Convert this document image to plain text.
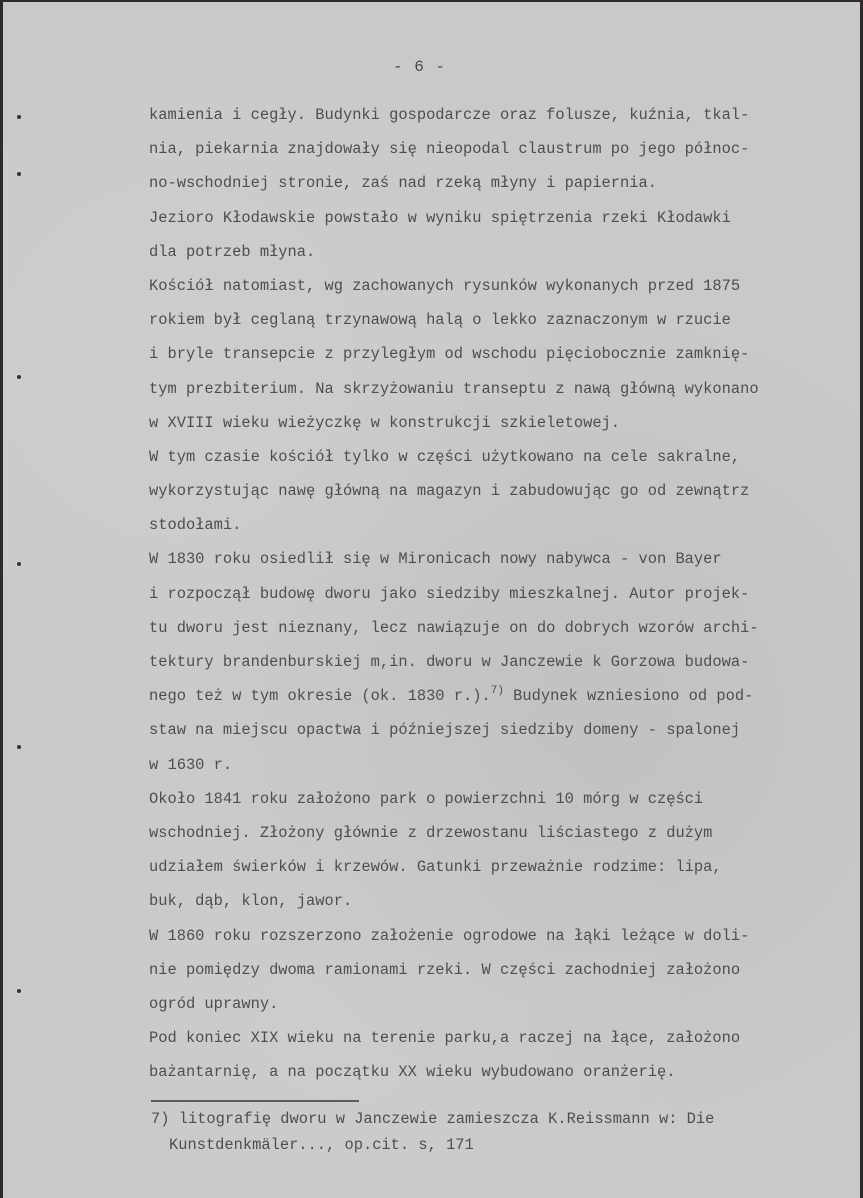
- 6 -
kamienia i cegły. Budynki gospodarcze oraz folusze, kuźnia, tkal-
nia, piekarnia znajdowały się nieopodal claustrum po jego północ-
no-wschodniej stronie, zaś nad rzeką młyny i papiernia.
Jezioro Kłodawskie powstało w wyniku spiętrzenia rzeki Kłodawki
dla potrzeb młyna.
Kościół natomiast, wg zachowanych rysunków wykonanych przed 1875
rokiem był ceglaną trzynawową halą o lekko zaznaczonym w rzucie
i bryle transepcie z przyległym od wschodu pięciobocznie zamknię-
tym prezbiterium. Na skrzyżowaniu transeptu z nawą główną wykonano
w XVIII wieku wieżyczkę w konstrukcji szkieletowej.
W tym czasie kościół tylko w części użytkowano na cele sakralne,
wykorzystując nawę główną na magazyn i zabudowując go od zewnątrz
stodołami.
W 1830 roku osiedlił się w Mironicach nowy nabywca - von Bayer
i rozpoczął budowę dworu jako siedziby mieszkalnej. Autor projek-
tu dworu jest nieznany, lecz nawiązuje on do dobrych wzorów archi-
tektury brandenburskiej m,in. dworu w Janczewie k Gorzowa budowa-
nego też w tym okresie (ok. 1830 r.).$^{7)}$ Budynek wzniesiono od pod-
staw na miejscu opactwa i późniejszej siedziby domeny - spalonej
w 1630 r.
Około 1841 roku założono park o powierzchni 10 mórg w części
wschodniej. Złożony głównie z drzewostanu liściastego z dużym
udziałem świerków i krzewów. Gatunki przeważnie rodzime: lipa,
buk, dąb, klon, jawor.
W 1860 roku rozszerzono założenie ogrodowe na łąki leżące w doli-
nie pomiędzy dwoma ramionami rzeki. W części zachodniej założono
ogród uprawny.
Pod koniec XIX wieku na terenie parku,a raczej na łące, założono
bażantarnię, a na początku XX wieku wybudowano oranżerię.
7) litografię dworu w Janczewie zamieszcza K.Reissmann w: Die
Kunstdenkmäler..., op.cit. s, 171
